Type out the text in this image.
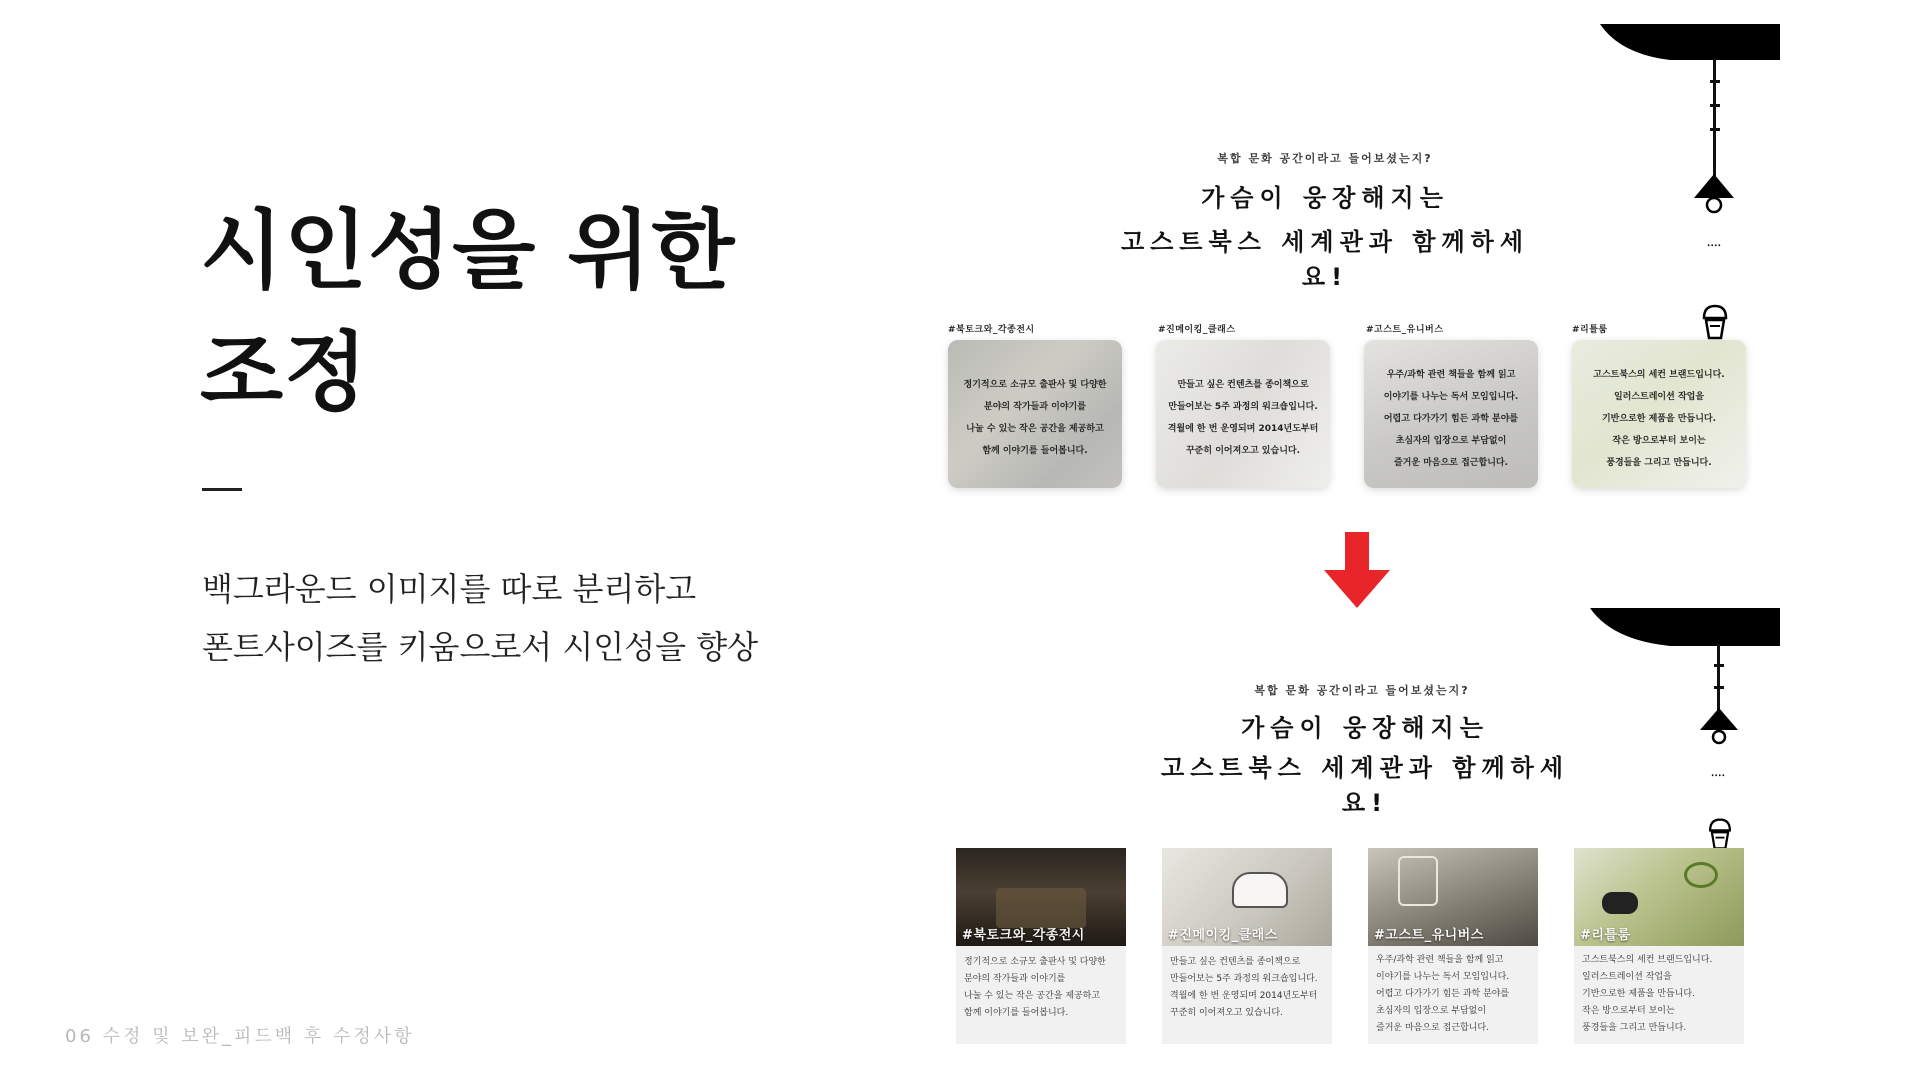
시인성을 위한
조정
백그라운드 이미지를 따로 분리하고
폰트사이즈를 키움으로서 시인성을 향상
06 수정 및 보완_피드백 후 수정사항
᠁
복합 문화 공간이라고 들어보셨는지?
가슴이 웅장해지는
고스트북스 세계관과 함께하세요!
#북토크와_각종전시	#진메이킹_클래스	#고스트_유니버스	#리틀룸
정기적으로 소규모 출판사 및 다양한
분야의 작가들과 이야기를
나눌 수 있는 작은 공간을 제공하고
함께 이야기를 들어봅니다.
만들고 싶은 컨텐츠를 종이책으로
만들어보는 5주 과정의 워크숍입니다.
격월에 한 번 운영되며 2014년도부터
꾸준히 이어져오고 있습니다.
우주/과학 관련 책들을 함께 읽고
이야기를 나누는 독서 모임입니다.
어렵고 다가가기 힘든 과학 분야를
초심자의 입장으로 부담없이
즐거운 마음으로 접근합니다.
고스트북스의 세컨 브랜드입니다.
일러스트레이션 작업을
기반으로한 제품을 만듭니다.
작은 방으로부터 보이는
풍경들을 그리고 만듭니다.
᠁
복합 문화 공간이라고 들어보셨는지?
가슴이 웅장해지는
고스트북스 세계관과 함께하세요!
#북토크와_각종전시
정기적으로 소규모 출판사 및 다양한
분야의 작가들과 이야기를
나눌 수 있는 작은 공간을 제공하고
함께 이야기를 들어봅니다.
#진메이킹_클래스
만들고 싶은 컨텐츠를 종이책으로
만들어보는 5주 과정의 워크숍입니다.
격월에 한 번 운영되며 2014년도부터
꾸준히 이어져오고 있습니다.
#고스트_유니버스
우주/과학 관련 책들을 함께 읽고
이야기를 나누는 독서 모임입니다.
어렵고 다가가기 힘든 과학 분야를
초심자의 입장으로 부담없이
즐거운 마음으로 접근합니다.
#리틀룸
고스트북스의 세컨 브랜드입니다.
일러스트레이션 작업을
기반으로한 제품을 만듭니다.
작은 방으로부터 보이는
풍경들을 그리고 만듭니다.
